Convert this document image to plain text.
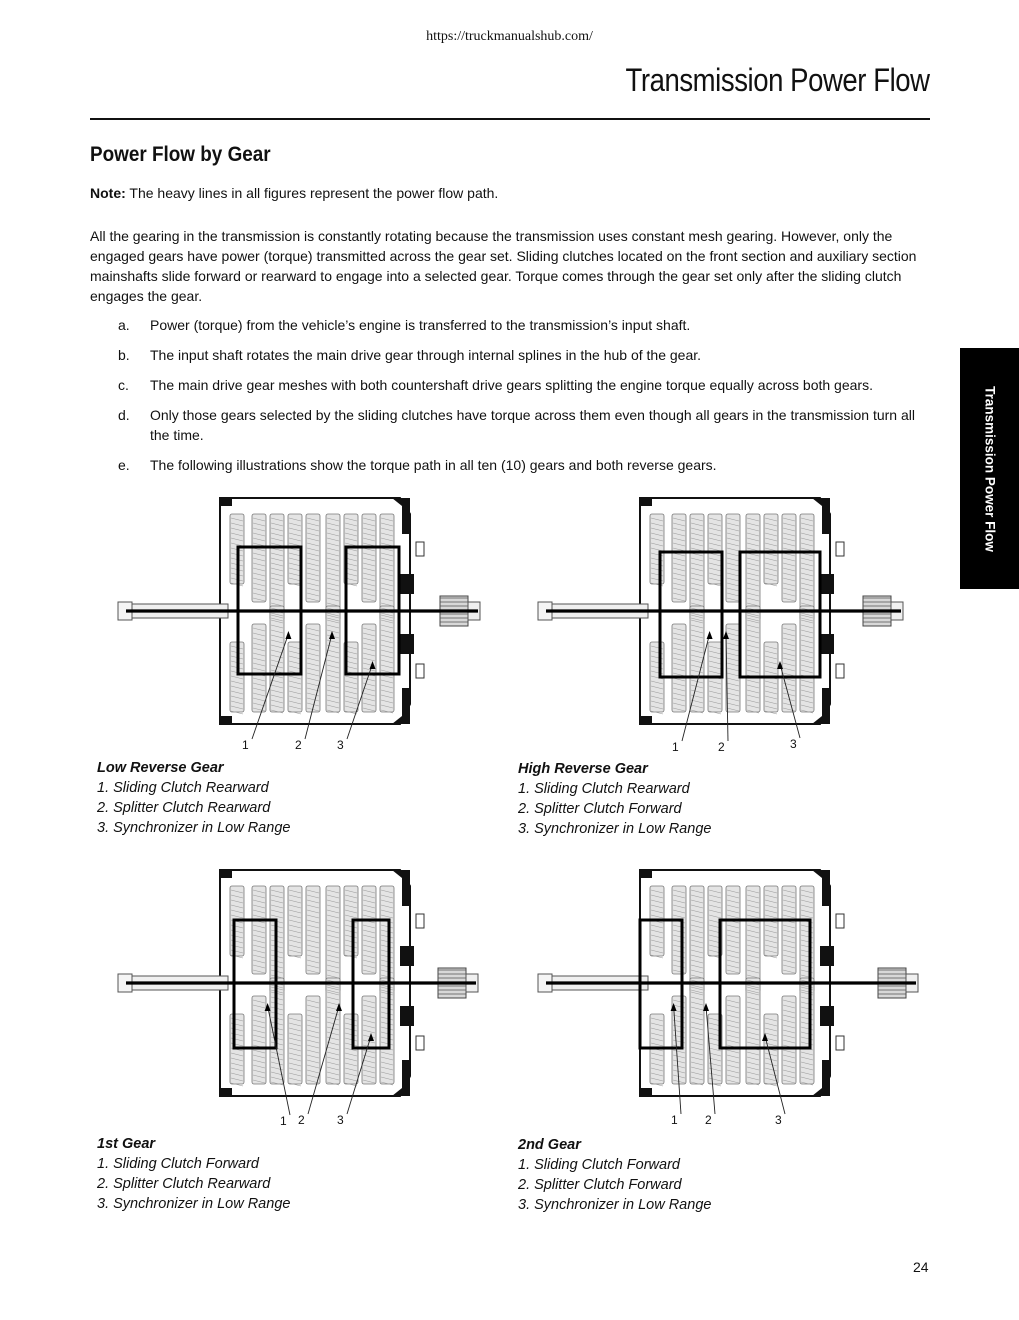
https://truckmanualshub.com/
Transmission Power Flow
Power Flow by Gear
Note: The heavy lines in all figures represent the power flow path.
All the gearing in the transmission is constantly rotating because the transmission uses constant mesh gearing. However, only the engaged gears have power (torque) transmitted across the gear set. Sliding clutches located on the front section and auxiliary section mainshafts slide forward or rearward to engage into a selected gear. Torque comes through the gear set only after the sliding clutch engages the gear.
a. Power (torque) from the vehicle’s engine is transferred to the transmission’s input shaft.
b. The input shaft rotates the main drive gear through internal splines in the hub of the gear.
c. The main drive gear meshes with both countershaft drive gears splitting the engine torque equally across both gears.
d. Only those gears selected by the sliding clutches have torque across them even though all gears in the transmission turn all the time.
e. The following illustrations show the torque path in all ten (10) gears and both reverse gears.	Transmission Power Flow
1	2	3	1	2	3
1 2	3	1 2	3
Low Reverse Gear
1. Sliding Clutch Rearward
2. Splitter Clutch Rearward
3. Synchronizer in Low Range
High Reverse Gear
1. Sliding Clutch Rearward
2. Splitter Clutch Forward
3. Synchronizer in Low Range
1st Gear
1. Sliding Clutch Forward
2. Splitter Clutch Rearward
3. Synchronizer in Low Range
2nd Gear
1. Sliding Clutch Forward
2. Splitter Clutch Forward
3. Synchronizer in Low Range
24
